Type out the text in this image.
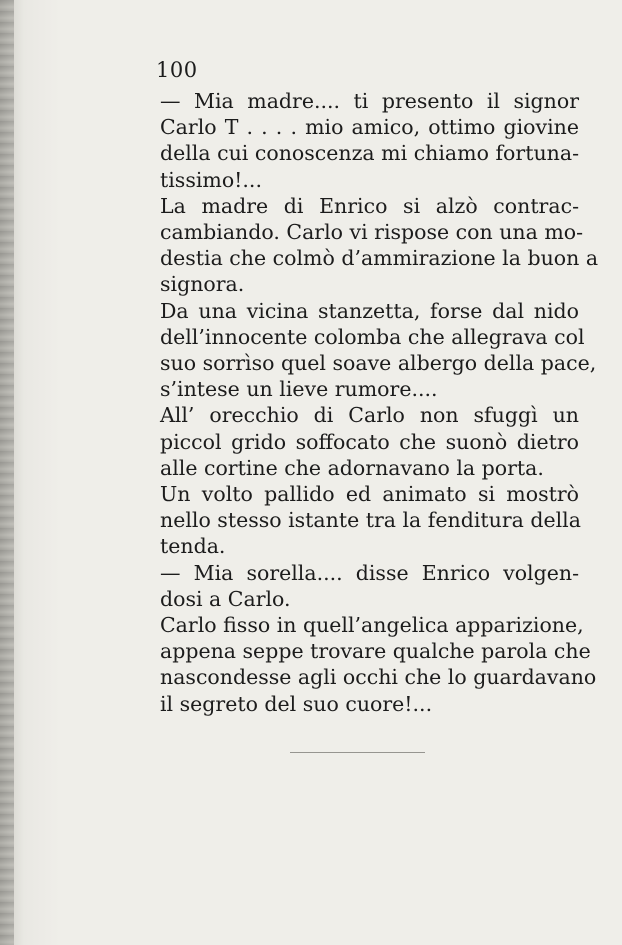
100

— Mia madre.... ti presento il signor
Carlo T . . . . mio amico, ottimo giovine
della cui conoscenza mi chiamo fortuna-
tissimo!...

La madre di Enrico si alzò contrac-
cambiando. Carlo vi rispose con una mo-
destia che colmò d’ammirazione la buon a
signora.

Da una vicina stanzetta, forse dal nido
dell’innocente colomba che allegrava col
suo sorrìso quel soave albergo della pace,
s’intese un lieve rumore....

All’ orecchio di Carlo non sfuggì un
piccol grido soffocato che suonò dietro
alle cortine che adornavano la porta.

Un volto pallido ed animato si mostrò
nello stesso istante tra la fenditura della
tenda.

— Mia sorella.... disse Enrico volgen-
dosi a Carlo.

Carlo fisso in quell’angelica apparizione,
appena seppe trovare qualche parola che
nascondesse agli occhi che lo guardavano
il segreto del suo cuore!...
